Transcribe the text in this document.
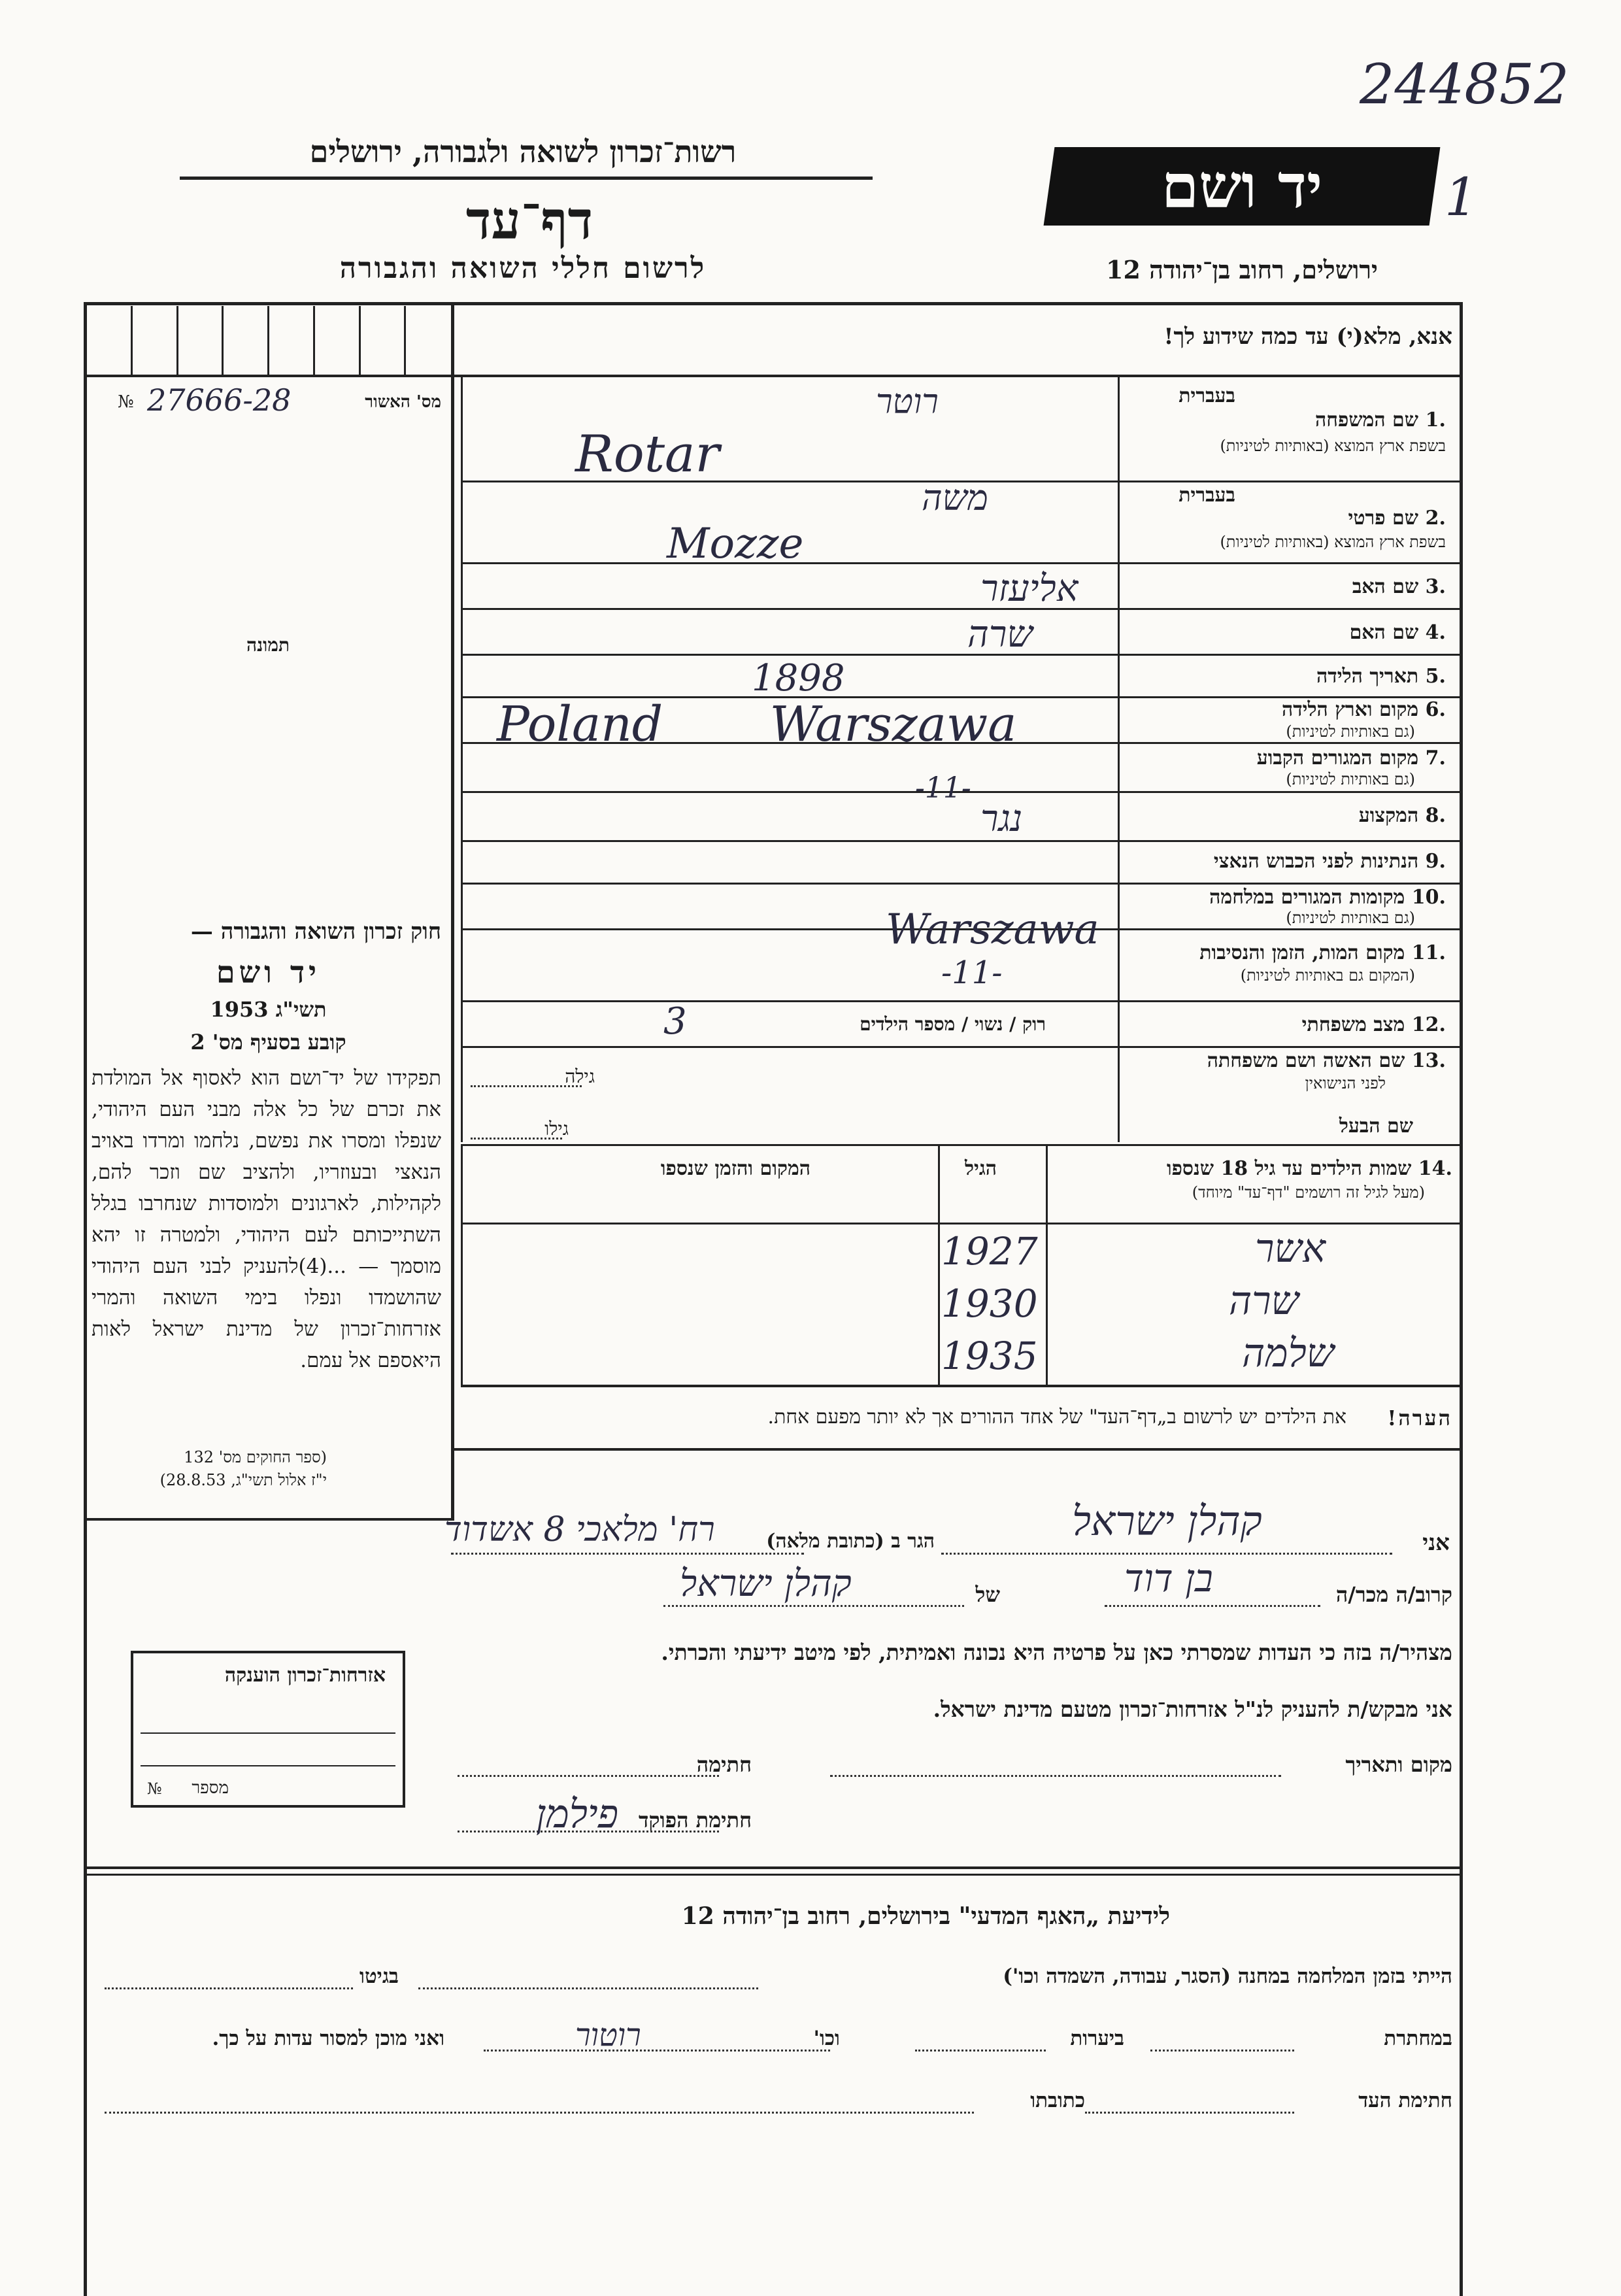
244852
1
רשות־זכרון לשואה ולגבורה, ירושלים
דף־עד
לרשום חללי השואה והגבורה
יד ושם
ירושלים, רחוב בן־יהודה 12
אנא, מלא(י) עד כמה שידוע לך!
מס' האשור
27666-28
№
תמונה
בעברית
.1
שם המשפחה
בשפת ארץ המוצא (באותיות לטיניות)
רוטר
Rotar
בעברית
.2
שם פרטי
בשפת ארץ המוצא (באותיות לטיניות)
משה
Mozze
.3 שם האב
אליעזר
.4 שם האם
שרה
.5 תאריך הלידה
1898
.6 מקום וארץ הלידה
(גם באותיות לטיניות)
Poland Warszawa
.7 מקום המגורים הקבוע
(גם באותיות לטיניות)
-11-
.8 המקצוע
נגר
.9 הנתינות לפני הכבוש הנאצי
.10 מקומות המגורים במלחמה
(גם באותיות לטיניות)
Warszawa	.11 מקום המות, הזמן והנסיבות
(המקום גם באותיות לטיניות)
-11-
.12 מצב משפחתי
רוק / נשוי / מספר הילדים
3
.13 שם האשה ושם משפחתה
לפני הנישואין
גילה
שם הבעל
גילו
.14 שמות הילדים עד גיל 18 שנספו
(מעל לגיל זה רושמים "דף־עד" מיוחד)
הגיל
המקום והזמן שנספו
1927	אשר
1930	שרה
1935	שלמה
הערה!
את הילדים יש לרשום ב„דף־העד" של אחד ההורים אך לא יותר מפעם אחת.
חוק זכרון השואה והגבורה —
יד ושם
תשי"ג 1953
קובע בסעיף מס' 2
תפקידו של יד־ושם הוא לאסוף אל המולדת את זכרם של כל אלה מבני העם היהודי, שנפלו ומסרו את נפשם, נלחמו ומרדו באויב הנאצי ובעוזריו, ולהציב שם וזכר להם, לקהילות, לארגונים ולמוסדות שנחרבו בגלל השתייכותם לעם היהודי, ולמטרה זו יהא מוסמך — ...(4)להעניק לבני העם היהודי שהושמדו ונפלו בימי השואה והמרי אזרחות־זכרון של מדינת ישראל לאות היאספם אל עמם.
(ספר החוקים מס' 132
י"ז אלול תשי"ג, 28.8.53)
אזרחות־זכרון הוענקה
מספר
№
אני
קהלן ישראל
הגר ב (כתובת מלאה)
רח' מלאכי 8 אשדוד
קרוב/ה מכר/ה
בן דוד
של
קהלן ישראל
מצהיר/ה בזה כי העדות שמסרתי כאן על פרטיה היא נכונה ואמיתית, לפי מיטב ידיעתי והכרתי.
אני מבקש/ת להעניק לנ"ל אזרחות־זכרון מטעם מדינת ישראל.
מקום ותאריך
חתימה
חתימת הפוקד
פילמן
לידיעת „האגף המדעי" בירושלים, רחוב בן־יהודה 12
הייתי בזמן המלחמה במחנה (הסגר, עבודה, השמדה וכו')
בגיטו
במחתרת
ביערות
וכו'
רוטור
ואני מוכן למסור עדות על כך.
חתימת העד
כתובתו
